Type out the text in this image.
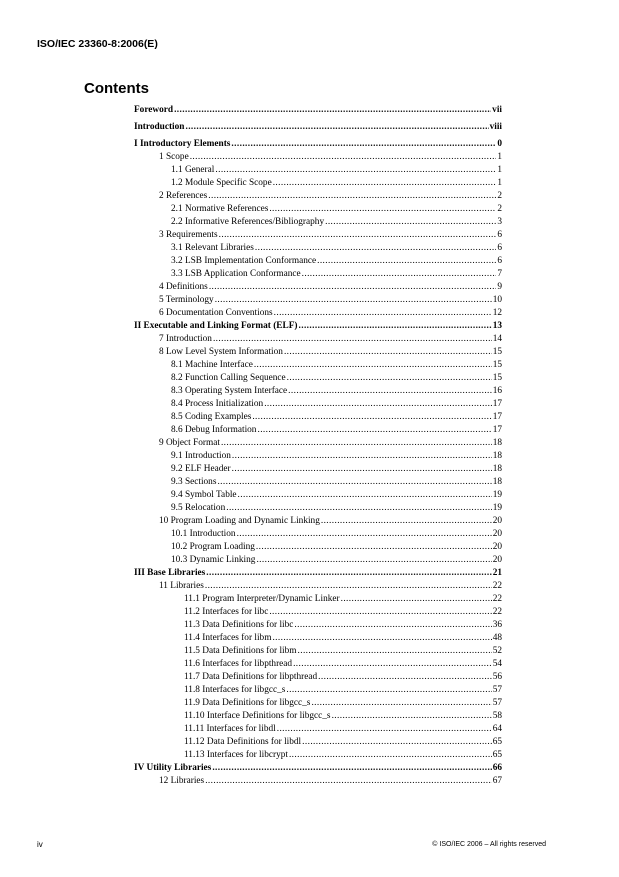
ISO/IEC 23360-8:2006(E)
Contents
Foreword .....	vii
Introduction .....	viii
I Introductory Elements .....	0
1 Scope .....	1
1.1 General .....	1
1.2 Module Specific Scope .....	1
2 References .....	2
2.1 Normative References .....	2
2.2 Informative References/Bibliography .....	3
3 Requirements .....	6
3.1 Relevant Libraries .....	6
3.2 LSB Implementation Conformance .....	6
3.3 LSB Application Conformance .....	7
4 Definitions .....	9
5 Terminology .....	10
6 Documentation Conventions .....	12
II Executable and Linking Format (ELF) .....	13
7 Introduction .....	14
8 Low Level System Information .....	15
8.1 Machine Interface .....	15
8.2 Function Calling Sequence .....	15
8.3 Operating System Interface .....	16
8.4 Process Initialization .....	17
8.5 Coding Examples .....	17
8.6 Debug Information .....	17
9 Object Format .....	18
9.1 Introduction .....	18
9.2 ELF Header .....	18
9.3 Sections .....	18
9.4 Symbol Table .....	19
9.5 Relocation .....	19
10 Program Loading and Dynamic Linking .....	20
10.1 Introduction .....	20
10.2 Program Loading .....	20
10.3 Dynamic Linking .....	20
III Base Libraries .....	21
11 Libraries .....	22
11.1 Program Interpreter/Dynamic Linker .....	22
11.2 Interfaces for libc .....	22
11.3 Data Definitions for libc .....	36
11.4 Interfaces for libm .....	48
11.5 Data Definitions for libm .....	52
11.6 Interfaces for libpthread .....	54
11.7 Data Definitions for libpthread .....	56
11.8 Interfaces for libgcc_s .....	57
11.9 Data Definitions for libgcc_s .....	57
11.10 Interface Definitions for libgcc_s .....	58
11.11 Interfaces for libdl .....	64
11.12 Data Definitions for libdl .....	65
11.13 Interfaces for libcrypt .....	65
IV Utility Libraries .....	66
12 Libraries .....	67
iv	© ISO/IEC 2006 – All rights reserved
